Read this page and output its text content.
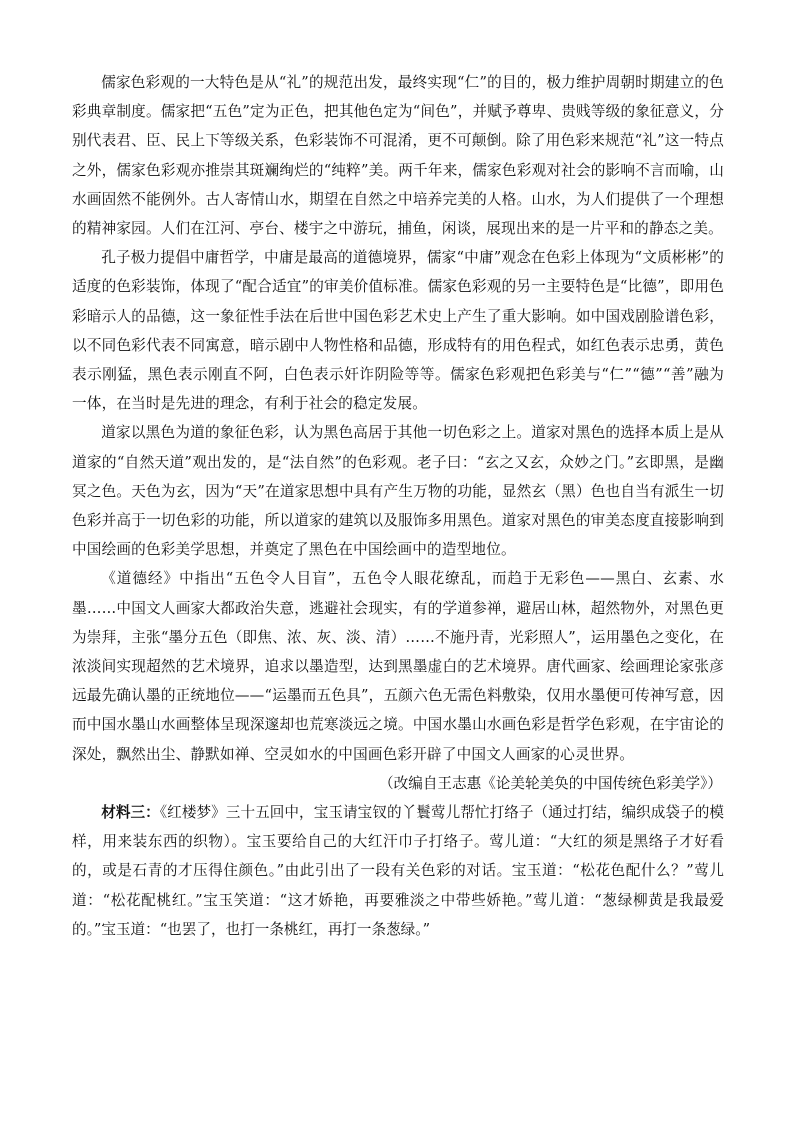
儒家色彩观的一大特色是从“礼”的规范出发，最终实现“仁”的目的，极力维护周朝时期建立的色彩典章制度。儒家把“五色”定为正色，把其他色定为“间色”，并赋予尊卑、贵贱等级的象征意义，分别代表君、臣、民上下等级关系，色彩装饰不可混淆，更不可颠倒。除了用色彩来规范“礼”这一特点之外，儒家色彩观亦推崇其斑斓绚烂的“纯粹”美。两千年来，儒家色彩观对社会的影响不言而喻，山水画固然不能例外。古人寄情山水，期望在自然之中培养完美的人格。山水，为人们提供了一个理想的精神家园。人们在江河、亭台、楼宇之中游玩，捕鱼，闲谈，展现出来的是一片平和的静态之美。

孔子极力提倡中庸哲学，中庸是最高的道德境界，儒家“中庸”观念在色彩上体现为“文质彬彬”的适度的色彩装饰，体现了“配合适宜”的审美价值标准。儒家色彩观的另一主要特色是“比德”，即用色彩暗示人的品德，这一象征性手法在后世中国色彩艺术史上产生了重大影响。如中国戏剧脸谱色彩，以不同色彩代表不同寓意，暗示剧中人物性格和品德，形成特有的用色程式，如红色表示忠勇，黄色表示刚猛，黑色表示刚直不阿，白色表示奸诈阴险等等。儒家色彩观把色彩美与“仁”“德”“善”融为一体，在当时是先进的理念，有利于社会的稳定发展。

道家以黑色为道的象征色彩，认为黑色高居于其他一切色彩之上。道家对黑色的选择本质上是从道家的“自然天道”观出发的，是“法自然”的色彩观。老子曰：“玄之又玄，众妙之门。”玄即黑，是幽冥之色。天色为玄，因为“天”在道家思想中具有产生万物的功能，显然玄（黑）色也自当有派生一切色彩并高于一切色彩的功能，所以道家的建筑以及服饰多用黑色。道家对黑色的审美态度直接影响到中国绘画的色彩美学思想，并奠定了黑色在中国绘画中的造型地位。

《道德经》中指出“五色令人目盲”，五色令人眼花缭乱，而趋于无彩色——黑白、玄素、水墨……中国文人画家大都政治失意，逃避社会现实，有的学道参禅，避居山林，超然物外，对黑色更为崇拜，主张“墨分五色（即焦、浓、灰、淡、清）……不施丹青，光彩照人”，运用墨色之变化，在浓淡间实现超然的艺术境界，追求以墨造型，达到黑墨虚白的艺术境界。唐代画家、绘画理论家张彦远最先确认墨的正统地位——“运墨而五色具”，五颜六色无需色料敷染，仅用水墨便可传神写意，因而中国水墨山水画整体呈现深邃却也荒寒淡远之境。中国水墨山水画色彩是哲学色彩观，在宇宙论的深处，飘然出尘、静默如禅、空灵如水的中国画色彩开辟了中国文人画家的心灵世界。

（改编自王志惠《论美轮美奂的中国传统色彩美学》）

材料三：《红楼梦》三十五回中，宝玉请宝钗的丫鬟莺儿帮忙打络子（通过打结，编织成袋子的模样，用来装东西的织物）。宝玉要给自己的大红汗巾子打络子。莺儿道：“大红的须是黑络子才好看的，或是石青的才压得住颜色。”由此引出了一段有关色彩的对话。宝玉道：“松花色配什么？”莺儿道：“松花配桃红。”宝玉笑道：“这才娇艳，再要雅淡之中带些娇艳。”莺儿道：“葱绿柳黄是我最爱的。”宝玉道：“也罢了，也打一条桃红，再打一条葱绿。”
